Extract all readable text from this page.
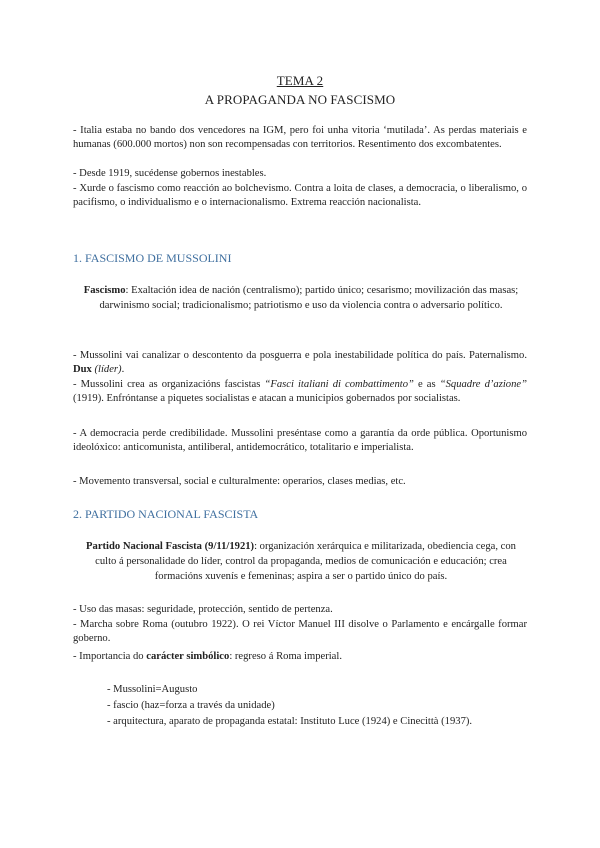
TEMA 2
A PROPAGANDA NO FASCISMO
- Italia estaba no bando dos vencedores na IGM, pero foi unha vitoria ‘mutilada’. As perdas materiais e humanas (600.000 mortos) non son recompensadas con territorios. Resentimento dos excombatentes.
- Desde 1919, sucédense gobernos inestables.
- Xurde o fascismo como reacción ao bolchevismo. Contra a loita de clases, a democracia, o liberalismo, o pacifismo, o individualismo e o internacionalismo. Extrema reacción nacionalista.
1. FASCISMO DE MUSSOLINI
Fascismo: Exaltación idea de nación (centralismo); partido único; cesarismo; movilización das masas; darwinismo social; tradicionalismo; patriotismo e uso da violencia contra o adversario político.
- Mussolini vai canalizar o descontento da posguerra e pola inestabilidade política do país. Paternalismo. Dux (líder).
- Mussolini crea as organizacións fascistas “Fasci italiani di combattimento” e as “Squadre d’azione” (1919). Enfróntanse a piquetes socialistas e atacan a municipios gobernados por socialistas.
- A democracia perde credibilidade. Mussolini preséntase como a garantía da orde pública. Oportunismo ideolóxico: anticomunista, antiliberal, antidemocrático, totalitario e imperialista.
- Movemento transversal, social e culturalmente: operarios, clases medias, etc.
2. PARTIDO NACIONAL FASCISTA
Partido Nacional Fascista (9/11/1921): organización xerárquica e militarizada, obediencia cega, con culto á personalidade do líder, control da propaganda, medios de comunicación e educación; crea formacións xuvenís e femeninas; aspira a ser o partido único do país.
- Uso das masas: seguridade, protección, sentido de pertenza.
- Marcha sobre Roma (outubro 1922). O rei Víctor Manuel III disolve o Parlamento e encárgalle formar goberno.
- Importancia do carácter simbólico: regreso á Roma imperial.
- Mussolini=Augusto
- fascio (haz=forza a través da unidade)
- arquitectura, aparato de propaganda estatal: Instituto Luce (1924) e Cinecittà (1937).
